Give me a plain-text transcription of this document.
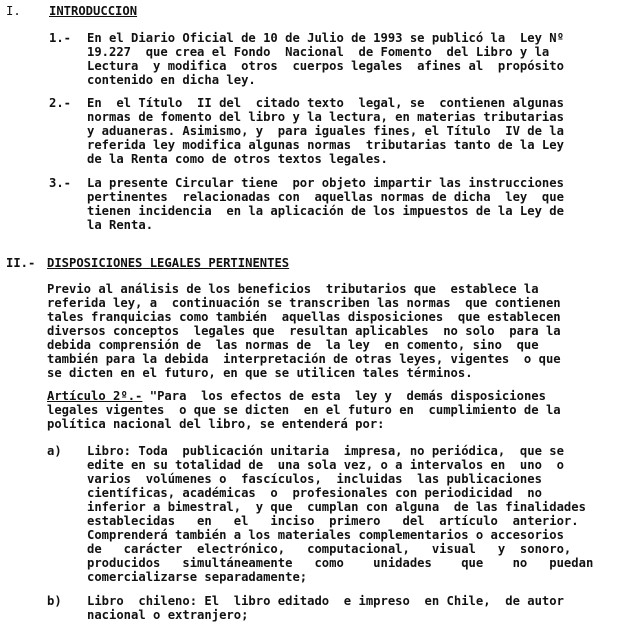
I. INTRODUCCION
1.- En el Diario Oficial de 10 de Julio de 1993 se publicó la  Ley Nº
19.227  que crea el Fondo  Nacional  de Fomento  del Libro y la
Lectura  y modifica  otros  cuerpos legales  afines al  propósito
contenido en dicha ley.
2.- En  el Título  II del  citado texto  legal, se  contienen algunas
normas de fomento del libro y la lectura, en materias tributarias
y aduaneras. Asimismo, y  para iguales fines, el Título  IV de la
referida ley modifica algunas normas  tributarias tanto de la Ley
de la Renta como de otros textos legales.
3.- La presente Circular tiene  por objeto impartir las instrucciones
pertinentes  relacionadas con  aquellas normas de dicha  ley  que
tienen incidencia  en la aplicación de los impuestos de la Ley de
la Renta.
II.- DISPOSICIONES LEGALES PERTINENTES
Previo al análisis de los beneficios  tributarios que  establece la
referida ley, a  continuación se transcriben las normas  que contienen
tales franquicias como también  aquellas disposiciones  que establecen
diversos conceptos  legales que  resultan aplicables  no solo  para la
debida comprensión de  las normas de  la ley  en comento, sino  que
también para la debida  interpretación de otras leyes, vigentes  o que
se dicten en el futuro, en que se utilicen tales términos.
Artículo 2º.- "Para  los efectos de esta  ley y  demás disposiciones
legales vigentes  o que se dicten  en el futuro en  cumplimiento de la
política nacional del libro, se entenderá por:
a) Libro: Toda  publicación unitaria  impresa, no periódica,  que se
edite en su totalidad de  una sola vez, o a intervalos en  uno  o
varios  volúmenes o  fascículos,  incluidas  las publicaciones
científicas, académicas  o  profesionales con periodicidad  no
inferior a bimestral,  y que  cumplan con alguna  de las finalidades
establecidas   en   el   inciso  primero   del  artículo  anterior.
Comprenderá también a los materiales complementarios o accesorios
de   carácter  electrónico,   computacional,   visual   y  sonoro,
producidos   simultáneamente   como    unidades    que    no   puedan
comercializarse separadamente;
b) Libro  chileno: El  libro editado  e impreso  en Chile,  de autor
nacional o extranjero;
